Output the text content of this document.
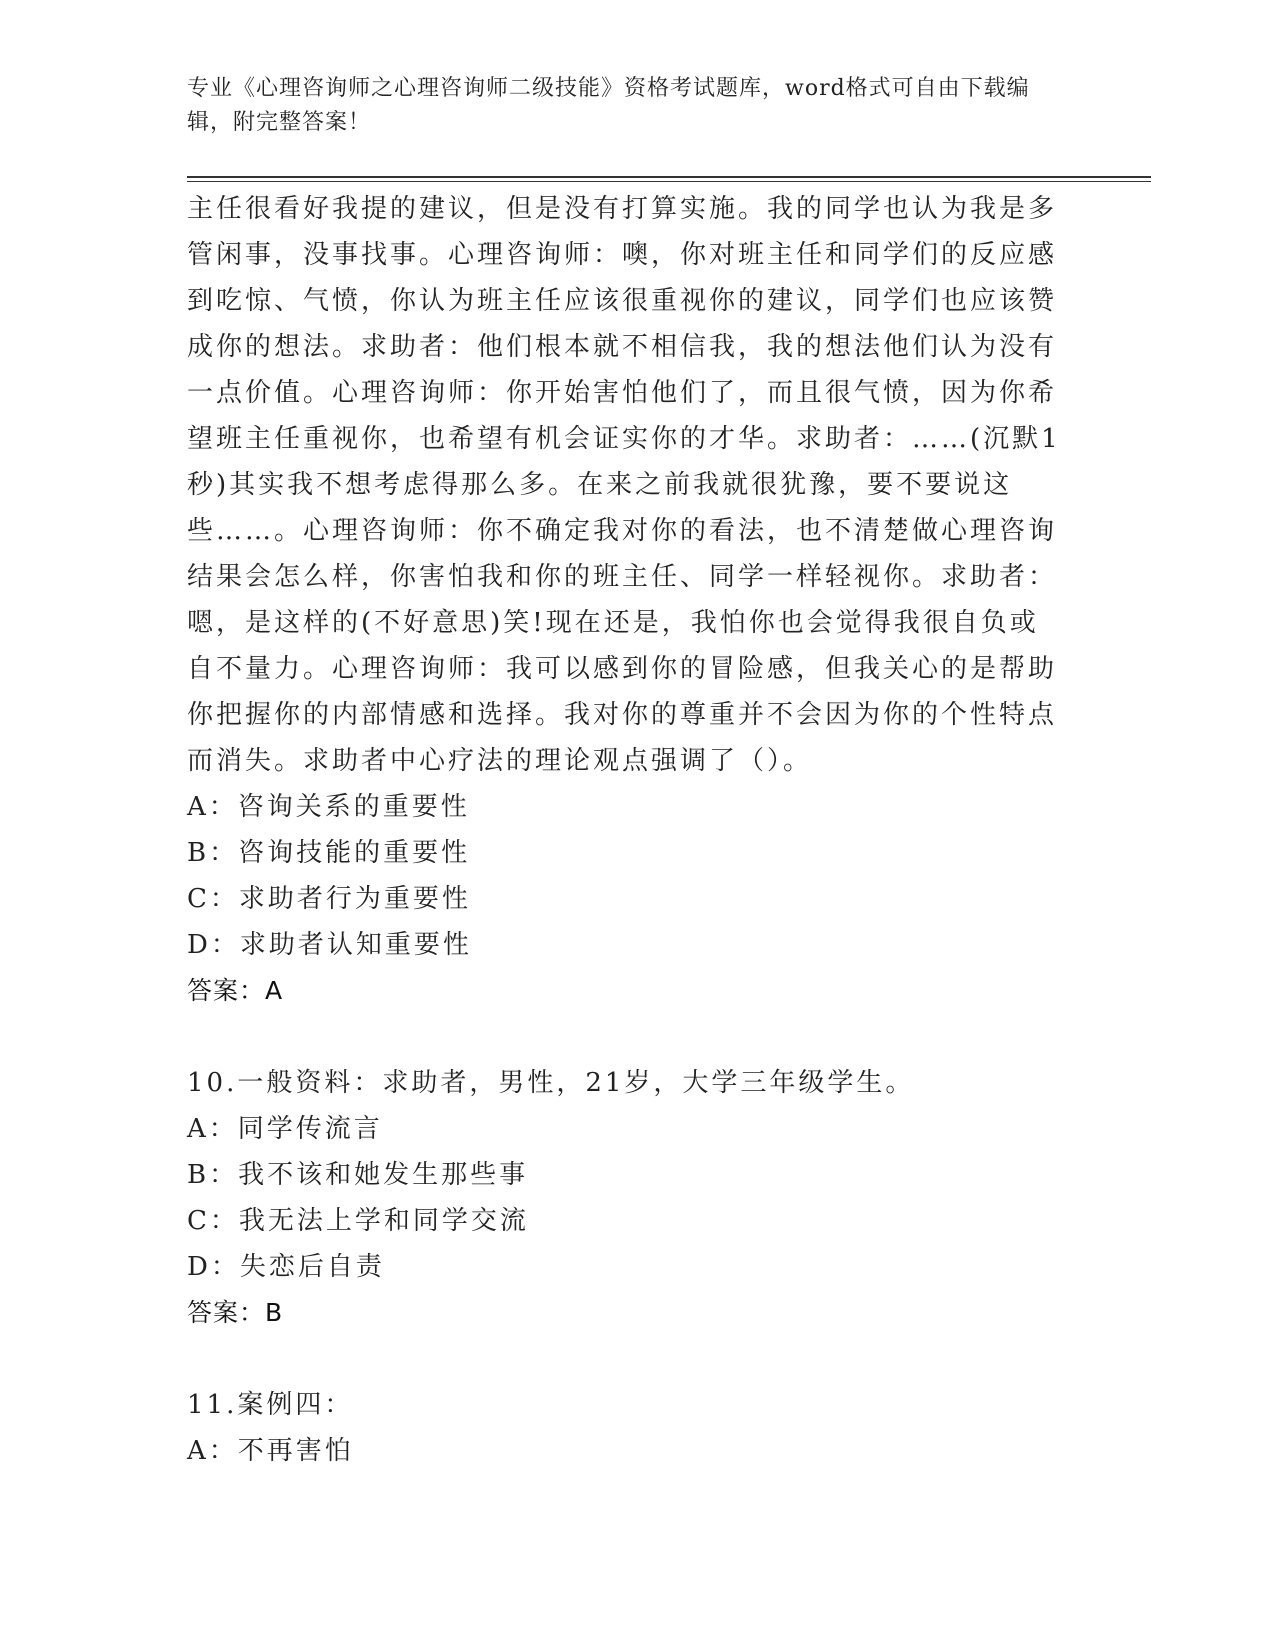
专业《心理咨询师之心理咨询师二级技能》资格考试题库，word格式可自由下载编辑，附完整答案！

主任很看好我提的建议，但是没有打算实施。我的同学也认为我是多管闲事，没事找事。心理咨询师：噢，你对班主任和同学们的反应感到吃惊、气愤，你认为班主任应该很重视你的建议，同学们也应该赞成你的想法。求助者：他们根本就不相信我，我的想法他们认为没有一点价值。心理咨询师：你开始害怕他们了，而且很气愤，因为你希望班主任重视你，也希望有机会证实你的才华。求助者：……(沉默1秒)其实我不想考虑得那么多。在来之前我就很犹豫，要不要说这些……。心理咨询师：你不确定我对你的看法，也不清楚做心理咨询结果会怎么样，你害怕我和你的班主任、同学一样轻视你。求助者：嗯，是这样的(不好意思)笑!现在还是，我怕你也会觉得我很自负或自不量力。心理咨询师：我可以感到你的冒险感，但我关心的是帮助你把握你的内部情感和选择。我对你的尊重并不会因为你的个性特点而消失。求助者中心疗法的理论观点强调了（）。

A：咨询关系的重要性

B：咨询技能的重要性

C：求助者行为重要性

D：求助者认知重要性

答案：A

10.一般资料：求助者，男性，21岁，大学三年级学生。

A：同学传流言

B：我不该和她发生那些事

C：我无法上学和同学交流

D：失恋后自责

答案：B

11.案例四：

A：不再害怕
